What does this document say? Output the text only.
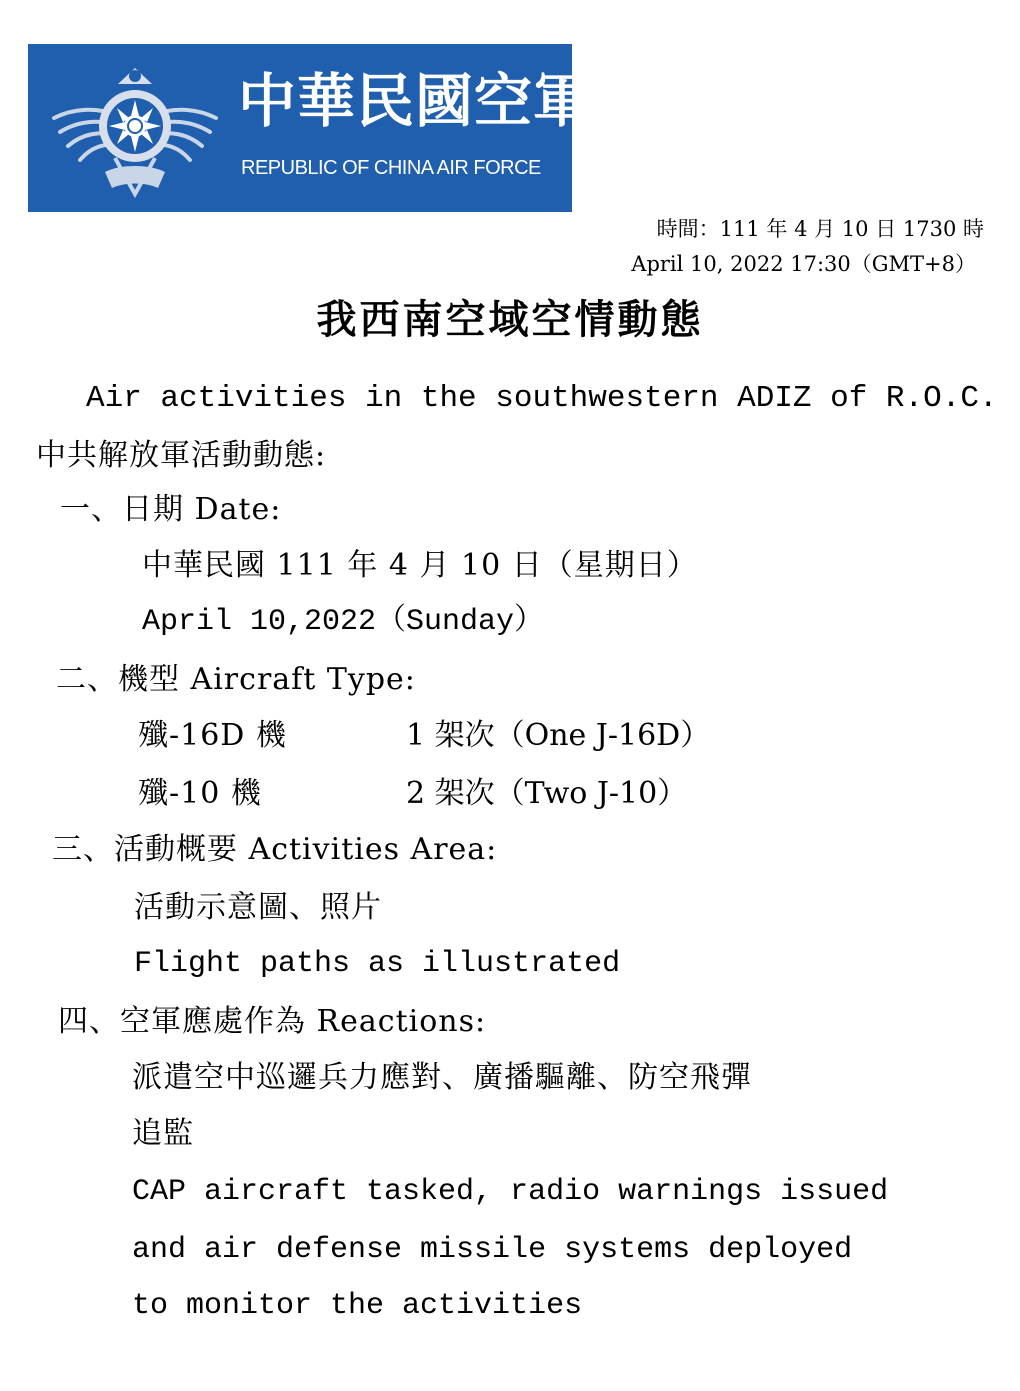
中華民國空軍
REPUBLIC OF CHINA AIR FORCE
時間：111 年 4 月 10 日 1730 時
April 10, 2022 17:30（GMT+8）
我西南空域空情動態
Air activities in the southwestern ADIZ of R.O.C.
中共解放軍活動動態:
一、日期 Date:
中華民國 111 年 4 月 10 日（星期日）
April 10,2022（Sunday）
二、機型 Aircraft Type:
殲-16D 機	1 架次（One J-16D）
殲-10 機	2 架次（Two J-10）
三、活動概要 Activities Area:
活動示意圖、照片
Flight paths as illustrated
四、空軍應處作為 Reactions:
派遣空中巡邏兵力應對、廣播驅離、防空飛彈
追監
CAP aircraft tasked, radio warnings issued
and air defense missile systems deployed
to monitor the activities
